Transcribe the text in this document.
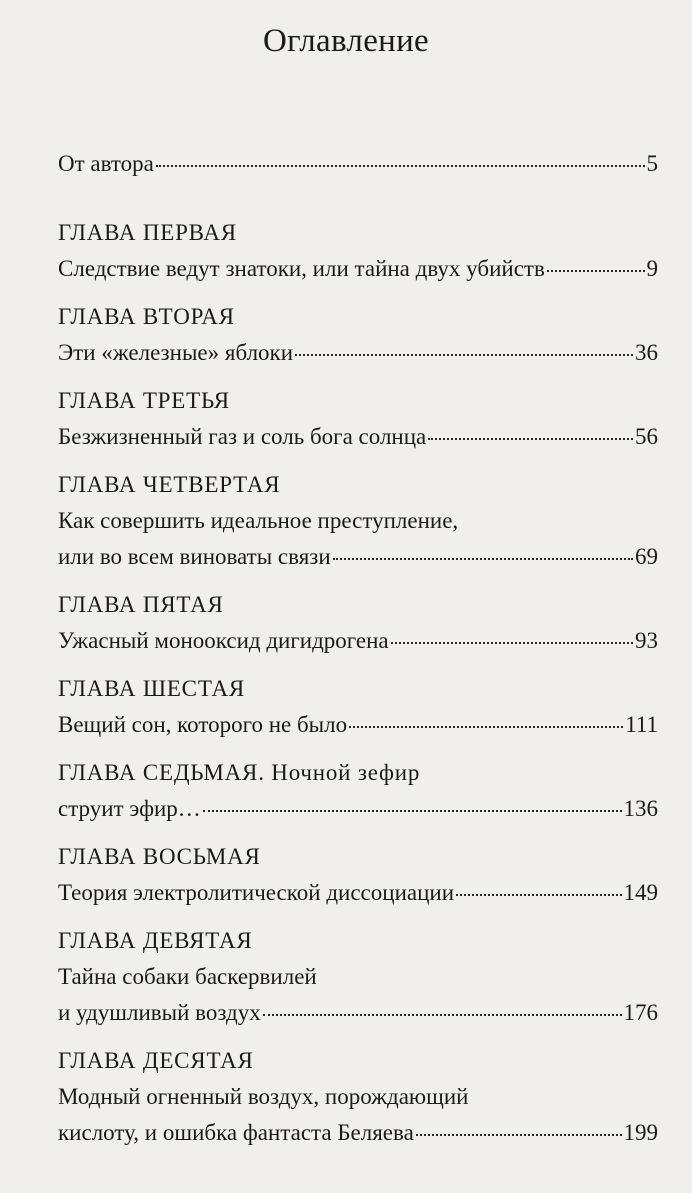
Оглавление
От автора	5
ГЛАВА ПЕРВАЯ
Следствие ведут знатоки, или тайна двух убийств	9
ГЛАВА ВТОРАЯ
Эти «железные» яблоки	36
ГЛАВА ТРЕТЬЯ
Безжизненный газ и соль бога солнца	56
ГЛАВА ЧЕТВЕРТАЯ
Как совершить идеальное преступление,
или во всем виноваты связи	69
ГЛАВА ПЯТАЯ
Ужасный монооксид дигидрогена	93
ГЛАВА ШЕСТАЯ
Вещий сон, которого не было	111
ГЛАВА СЕДЬМАЯ. Ночной зефир
струит эфир…	136
ГЛАВА ВОСЬМАЯ
Теория электролитической диссоциации	149
ГЛАВА ДЕВЯТАЯ
Тайна собаки баскервилей
и удушливый воздух	176
ГЛАВА ДЕСЯТАЯ
Модный огненный воздух, порождающий
кислоту, и ошибка фантаста Беляева	199
